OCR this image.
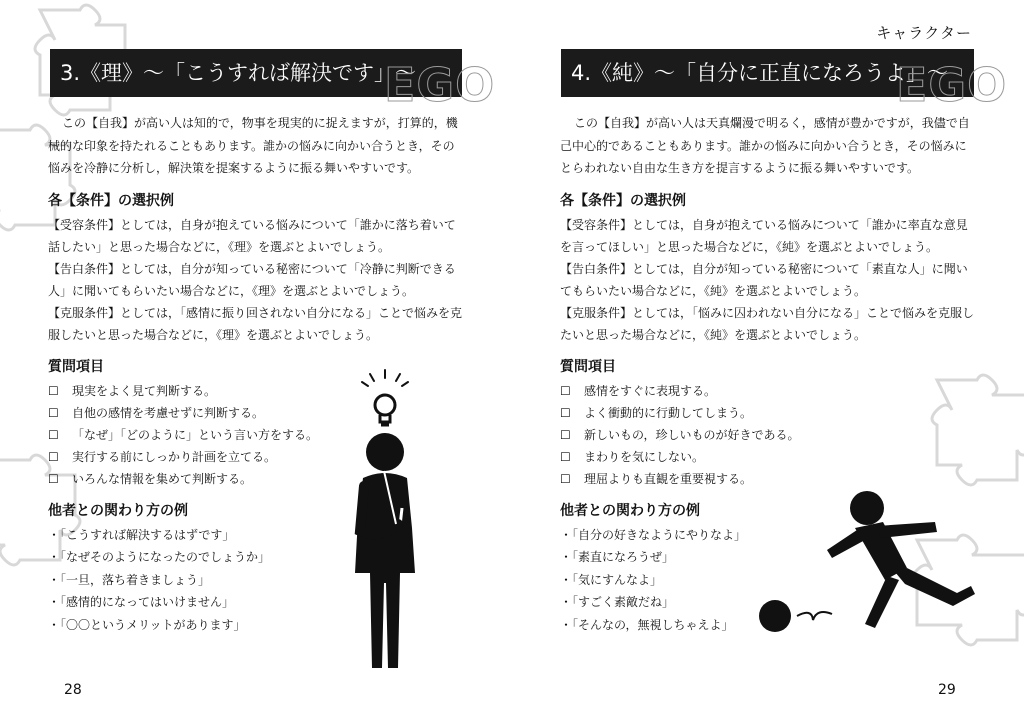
3.《理》～「こうすれば解決です」～
EGO

この【自我】が高い人は知的で，物事を現実的に捉えますが，打算的，機械的な印象を持たれることもあります。誰かの悩みに向かい合うとき，その悩みを冷静に分析し，解決策を提案するように振る舞いやすいです。

各【条件】の選択例

【受容条件】としては，自身が抱えている悩みについて「誰かに落ち着いて話したい」と思った場合などに，《理》を選ぶとよいでしょう。

【告白条件】としては，自分が知っている秘密について「冷静に判断できる人」に聞いてもらいたい場合などに，《理》を選ぶとよいでしょう。

【克服条件】としては，「感情に振り回されない自分になる」ことで悩みを克服したいと思った場合などに，《理》を選ぶとよいでしょう。

質問項目
☐ 現実をよく見て判断する。
☐ 自他の感情を考慮せずに判断する。
☐ 「なぜ」「どのように」という言い方をする。
☐ 実行する前にしっかり計画を立てる。
☐ いろんな情報を集めて判断する。
他者との関わり方の例
・「こうすれば解決するはずです」
・「なぜそのようになったのでしょうか」
・「一旦，落ち着きましょう」
・「感情的になってはいけません」
・「〇〇というメリットがあります」
28
キャラクター
4.《純》～「自分に正直になろうよ」～
EGO

この【自我】が高い人は天真爛漫で明るく，感情が豊かですが，我儘で自己中心的であることもあります。誰かの悩みに向かい合うとき，その悩みにとらわれない自由な生き方を提言するように振る舞いやすいです。

各【条件】の選択例

【受容条件】としては，自身が抱えている悩みについて「誰かに率直な意見を言ってほしい」と思った場合などに，《純》を選ぶとよいでしょう。

【告白条件】としては，自分が知っている秘密について「素直な人」に聞いてもらいたい場合などに，《純》を選ぶとよいでしょう。

【克服条件】としては，「悩みに囚われない自分になる」ことで悩みを克服したいと思った場合などに，《純》を選ぶとよいでしょう。

質問項目
☐ 感情をすぐに表現する。
☐ よく衝動的に行動してしまう。
☐ 新しいもの，珍しいものが好きである。
☐ まわりを気にしない。
☐ 理屈よりも直観を重要視する。
他者との関わり方の例
・「自分の好きなようにやりなよ」
・「素直になろうぜ」
・「気にすんなよ」
・「すごく素敵だね」
・「そんなの，無視しちゃえよ」
29
